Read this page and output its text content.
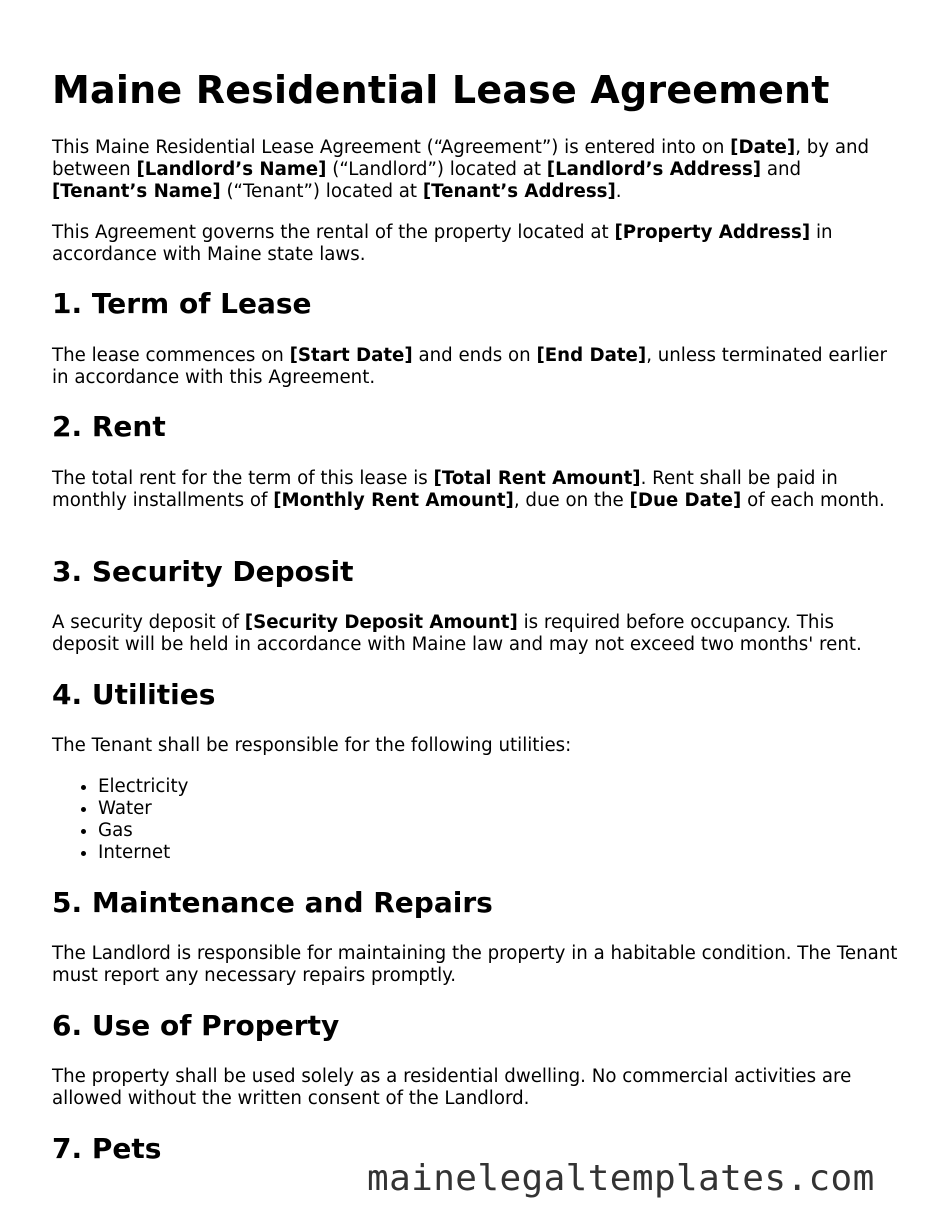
Maine Residential Lease Agreement

This Maine Residential Lease Agreement (“Agreement”) is entered into on [Date], by and between [Landlord’s Name] (“Landlord”) located at [Landlord’s Address] and [Tenant’s Name] (“Tenant”) located at [Tenant’s Address].

This Agreement governs the rental of the property located at [Property Address] in accordance with Maine state laws.

1. Term of Lease

The lease commences on [Start Date] and ends on [End Date], unless terminated earlier in accordance with this Agreement.

2. Rent

The total rent for the term of this lease is [Total Rent Amount]. Rent shall be paid in monthly installments of [Monthly Rent Amount], due on the [Due Date] of each month.

3. Security Deposit

A security deposit of [Security Deposit Amount] is required before occupancy. This deposit will be held in accordance with Maine law and may not exceed two months' rent.

4. Utilities

The Tenant shall be responsible for the following utilities:

• Electricity
• Water
• Gas
• Internet
5. Maintenance and Repairs

The Landlord is responsible for maintaining the property in a habitable condition. The Tenant must report any necessary repairs promptly.

6. Use of Property

The property shall be used solely as a residential dwelling. No commercial activities are allowed without the written consent of the Landlord.

7. Pets
mainelegaltemplates.com
